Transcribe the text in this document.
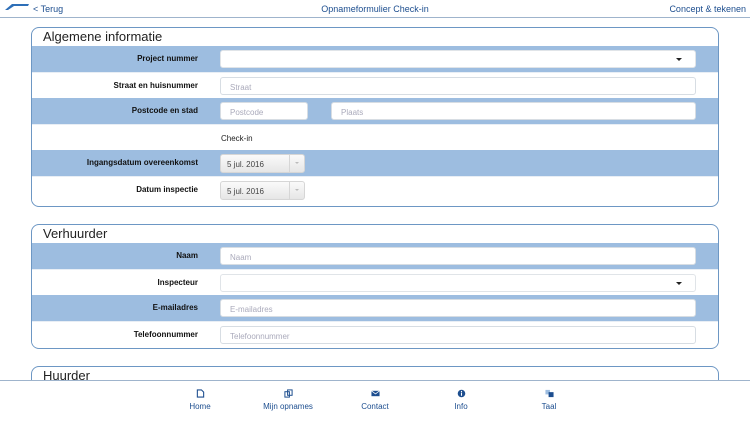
< Terug	Opnameformulier Check-in	Concept & tekenen
Algemene informatie
Project nummer
Straat en huisnummer	Straat
Postcode en stad	Postcode	Plaats
Check-in
Ingangsdatum overeenkomst	5 jul. 2016
Datum inspectie	5 jul. 2016
Verhuurder
Naam	Naam
Inspecteur
E-mailadres	E-mailadres
Telefoonnummer	Telefoonnummer
Huurder
Home	Mijn opnames	Contact	Info	Taal
